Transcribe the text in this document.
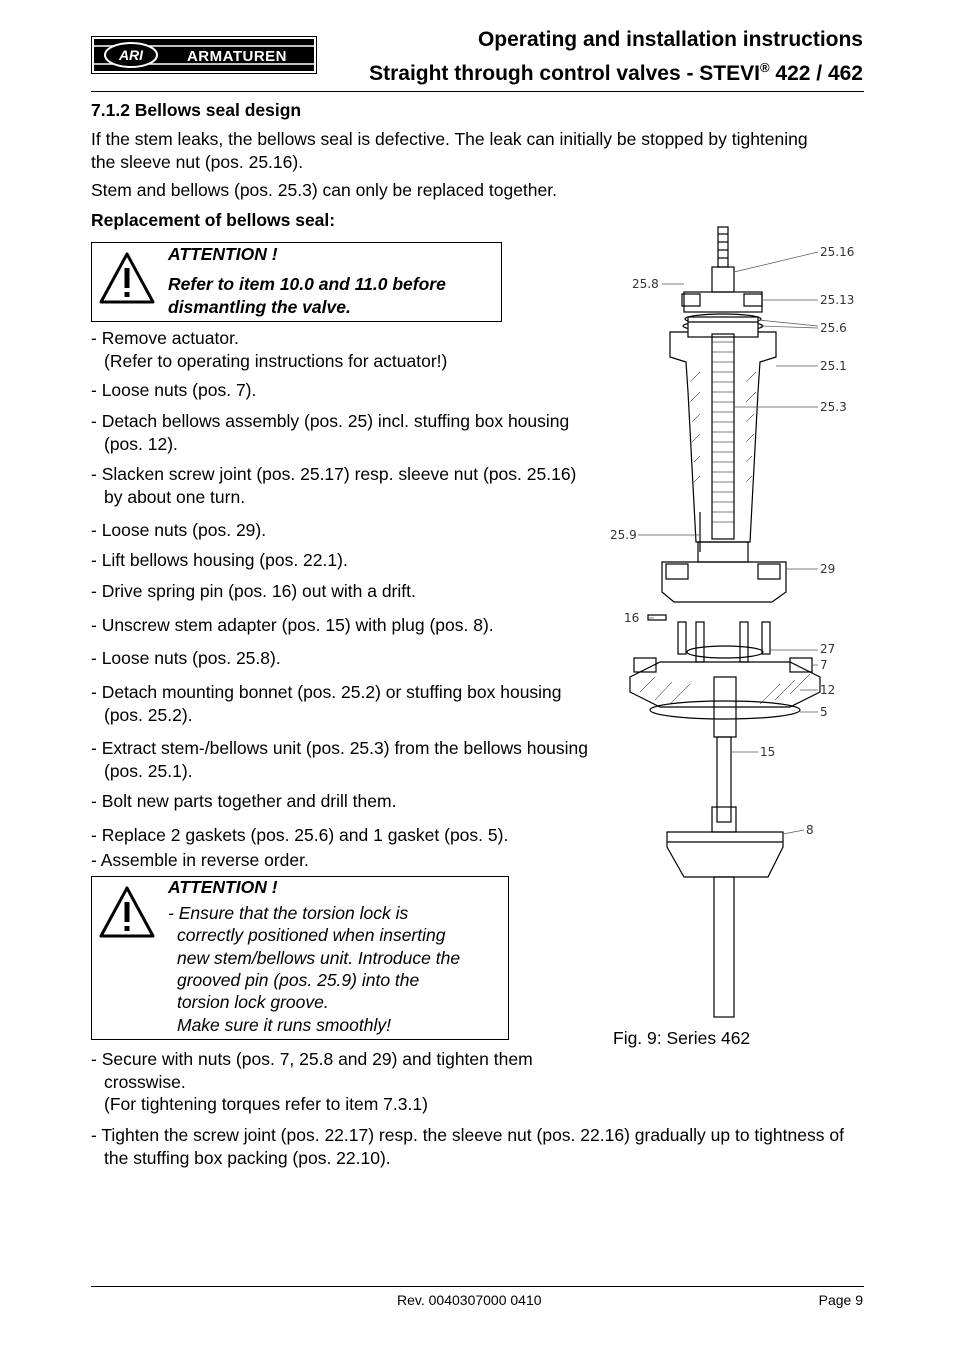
ARI	ARMATUREN
Operating and installation instructions
Straight through control valves - STEVI® 422 / 462
7.1.2 Bellows seal design
If the stem leaks, the bellows seal is defective. The leak can initially be stopped by tightening the sleeve nut (pos. 25.16).
Stem and bellows (pos. 25.3) can only be replaced together.
Replacement of bellows seal:
ATTENTION !
Refer to item 10.0 and 11.0 before dismantling the valve.
- Remove actuator.
(Refer to operating instructions for actuator!)
- Loose nuts (pos. 7).
- Detach bellows assembly (pos. 25) incl. stuffing box housing (pos. 12).
- Slacken screw joint (pos. 25.17) resp. sleeve nut (pos. 25.16) by about one turn.
- Loose nuts (pos. 29).
- Lift bellows housing (pos. 22.1).
- Drive spring pin (pos. 16) out with a drift.
- Unscrew stem adapter (pos. 15) with plug (pos. 8).
- Loose nuts (pos. 25.8).
- Detach mounting bonnet (pos. 25.2) or stuffing box housing (pos. 25.2).
- Extract stem-/bellows unit (pos. 25.3) from the bellows housing (pos. 25.1).
- Bolt new parts together and drill them.
- Replace 2 gaskets (pos. 25.6) and 1 gasket (pos. 5).
- Assemble in reverse order.
ATTENTION !
- Ensure that the torsion lock is
correctly positioned when inserting
new stem/bellows unit. Introduce the
grooved pin (pos. 25.9) into the
torsion lock groove.
Make sure it runs smoothly!
- Secure with nuts (pos. 7, 25.8 and 29) and tighten them crosswise.
(For tightening torques refer to item 7.3.1)
- Tighten the screw joint (pos. 22.17) resp. the sleeve nut (pos. 22.16) gradually up to tightness of the stuffing box packing (pos. 22.10).
25.16
25.8
25.13
25.6
25.1
25.3
25.9
29
16
27
7
12
5
15
8
Fig. 9: Series 462
Rev. 0040307000 0410	Page 9
